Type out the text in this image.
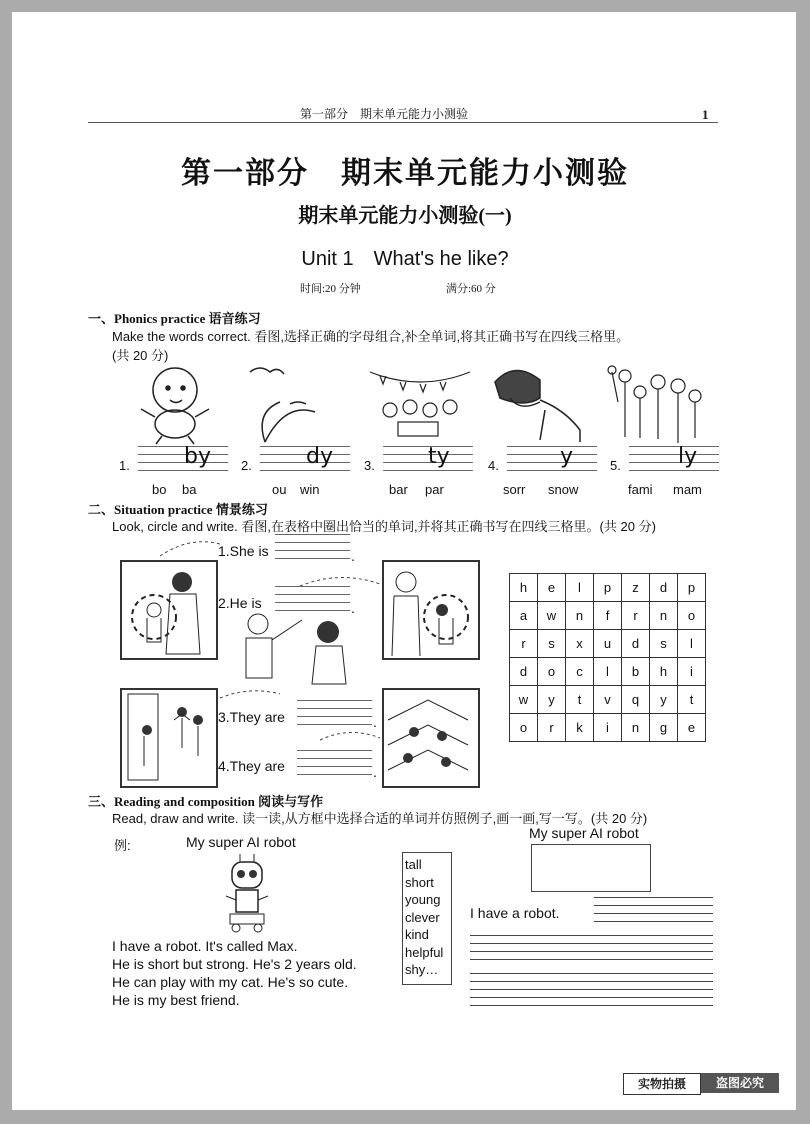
第一部分　期末单元能力小测验	1
第一部分　期末单元能力小测验
期末单元能力小测验(一)
Unit 1　What's he like?
时间:20 分钟	满分:60 分
一、Phonics practice 语音练习
Make the words correct. 看图,选择正确的字母组合,补全单词,将其正确书写在四线三格里。
(共 20 分)
1. by
bo ba
2. dy
ou win
3. ty
bar par
4.	y
sorr snow
5.	ly
fami mam
二、Situation practice 情景练习
Look, circle and write. 看图,在表格中圈出恰当的单词,并将其正确书写在四线三格里。(共 20 分)
1.She is
2.He is
3.They are
4.They are
.
.
.
.
h	e	l	p	z	d	p
a	w	n	f	r	n	o
r	s	x	u	d	s	l
d	o	c	l	b	h	i
w	y	t	v	q	y	t
o	r	k	i	n	g	e
三、Reading and composition 阅读与写作
Read, draw and write. 读一读,从方框中选择合适的单词并仿照例子,画一画,写一写。(共 20 分)
例:	My super AI robot
I have a robot. It's called Max.
He is short but strong. He's 2 years old.
He can play with my cat. He's so cute.
He is my best friend.
tall
short
young
clever
kind
helpful
shy…
My super AI robot
I have a robot.
实物拍摄	盗图必究
